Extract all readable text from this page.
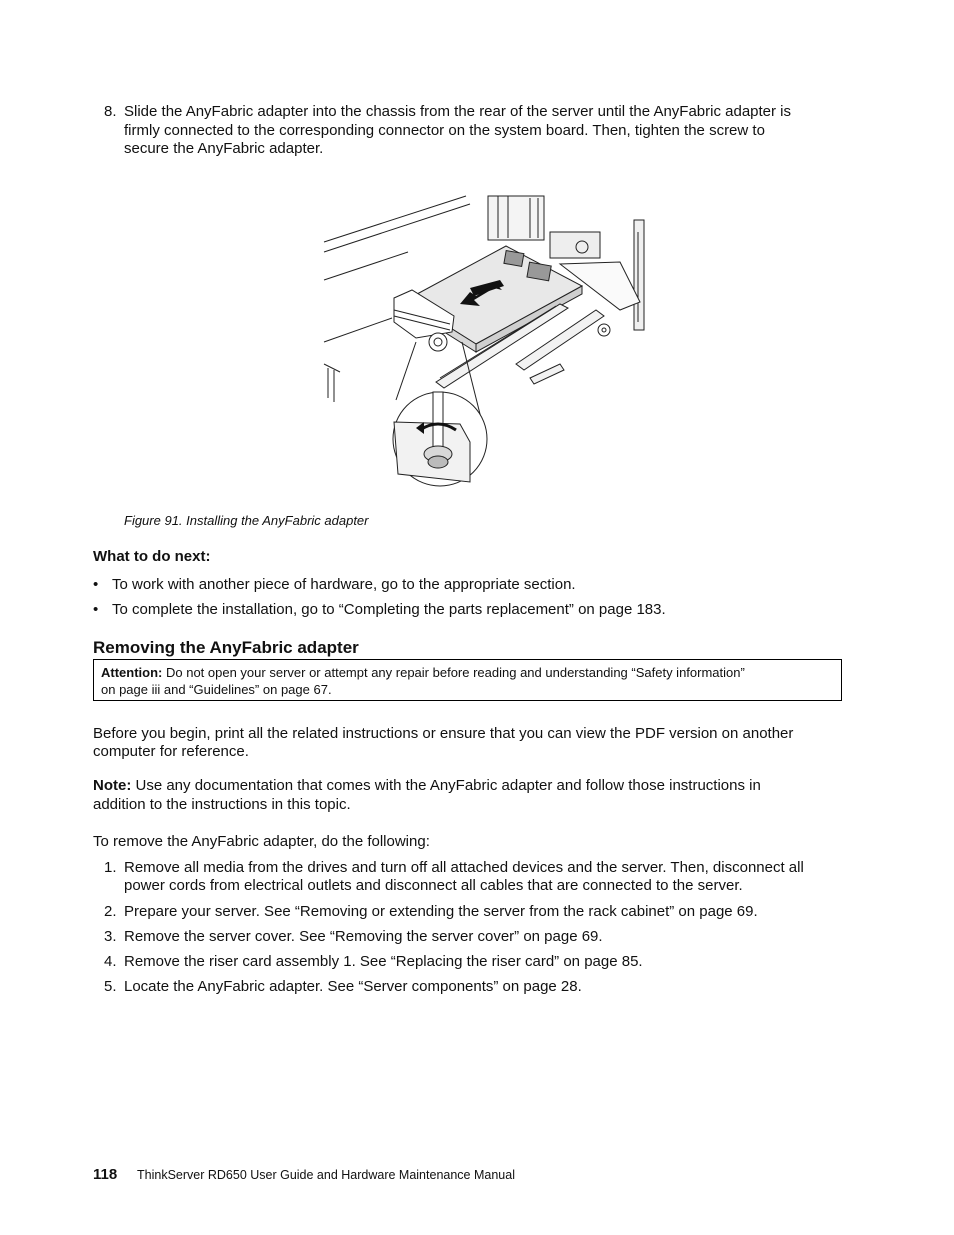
8. Slide the AnyFabric adapter into the chassis from the rear of the server until the AnyFabric adapter is
firmly connected to the corresponding connector on the system board. Then, tighten the screw to
secure the AnyFabric adapter.
Figure 91. Installing the AnyFabric adapter
What to do next:
• To work with another piece of hardware, go to the appropriate section.
• To complete the installation, go to “Completing the parts replacement” on page 183.
Removing the AnyFabric adapter
Attention: Do not open your server or attempt any repair before reading and understanding “Safety information”
on page iii and “Guidelines” on page 67.
Before you begin, print all the related instructions or ensure that you can view the PDF version on another
computer for reference.
Note: Use any documentation that comes with the AnyFabric adapter and follow those instructions in
addition to the instructions in this topic.
To remove the AnyFabric adapter, do the following:
1. Remove all media from the drives and turn off all attached devices and the server. Then, disconnect all
power cords from electrical outlets and disconnect all cables that are connected to the server.
2. Prepare your server. See “Removing or extending the server from the rack cabinet” on page 69.
3. Remove the server cover. See “Removing the server cover” on page 69.
4. Remove the riser card assembly 1. See “Replacing the riser card” on page 85.
5. Locate the AnyFabric adapter. See “Server components” on page 28.
118 ThinkServer RD650 User Guide and Hardware Maintenance Manual
